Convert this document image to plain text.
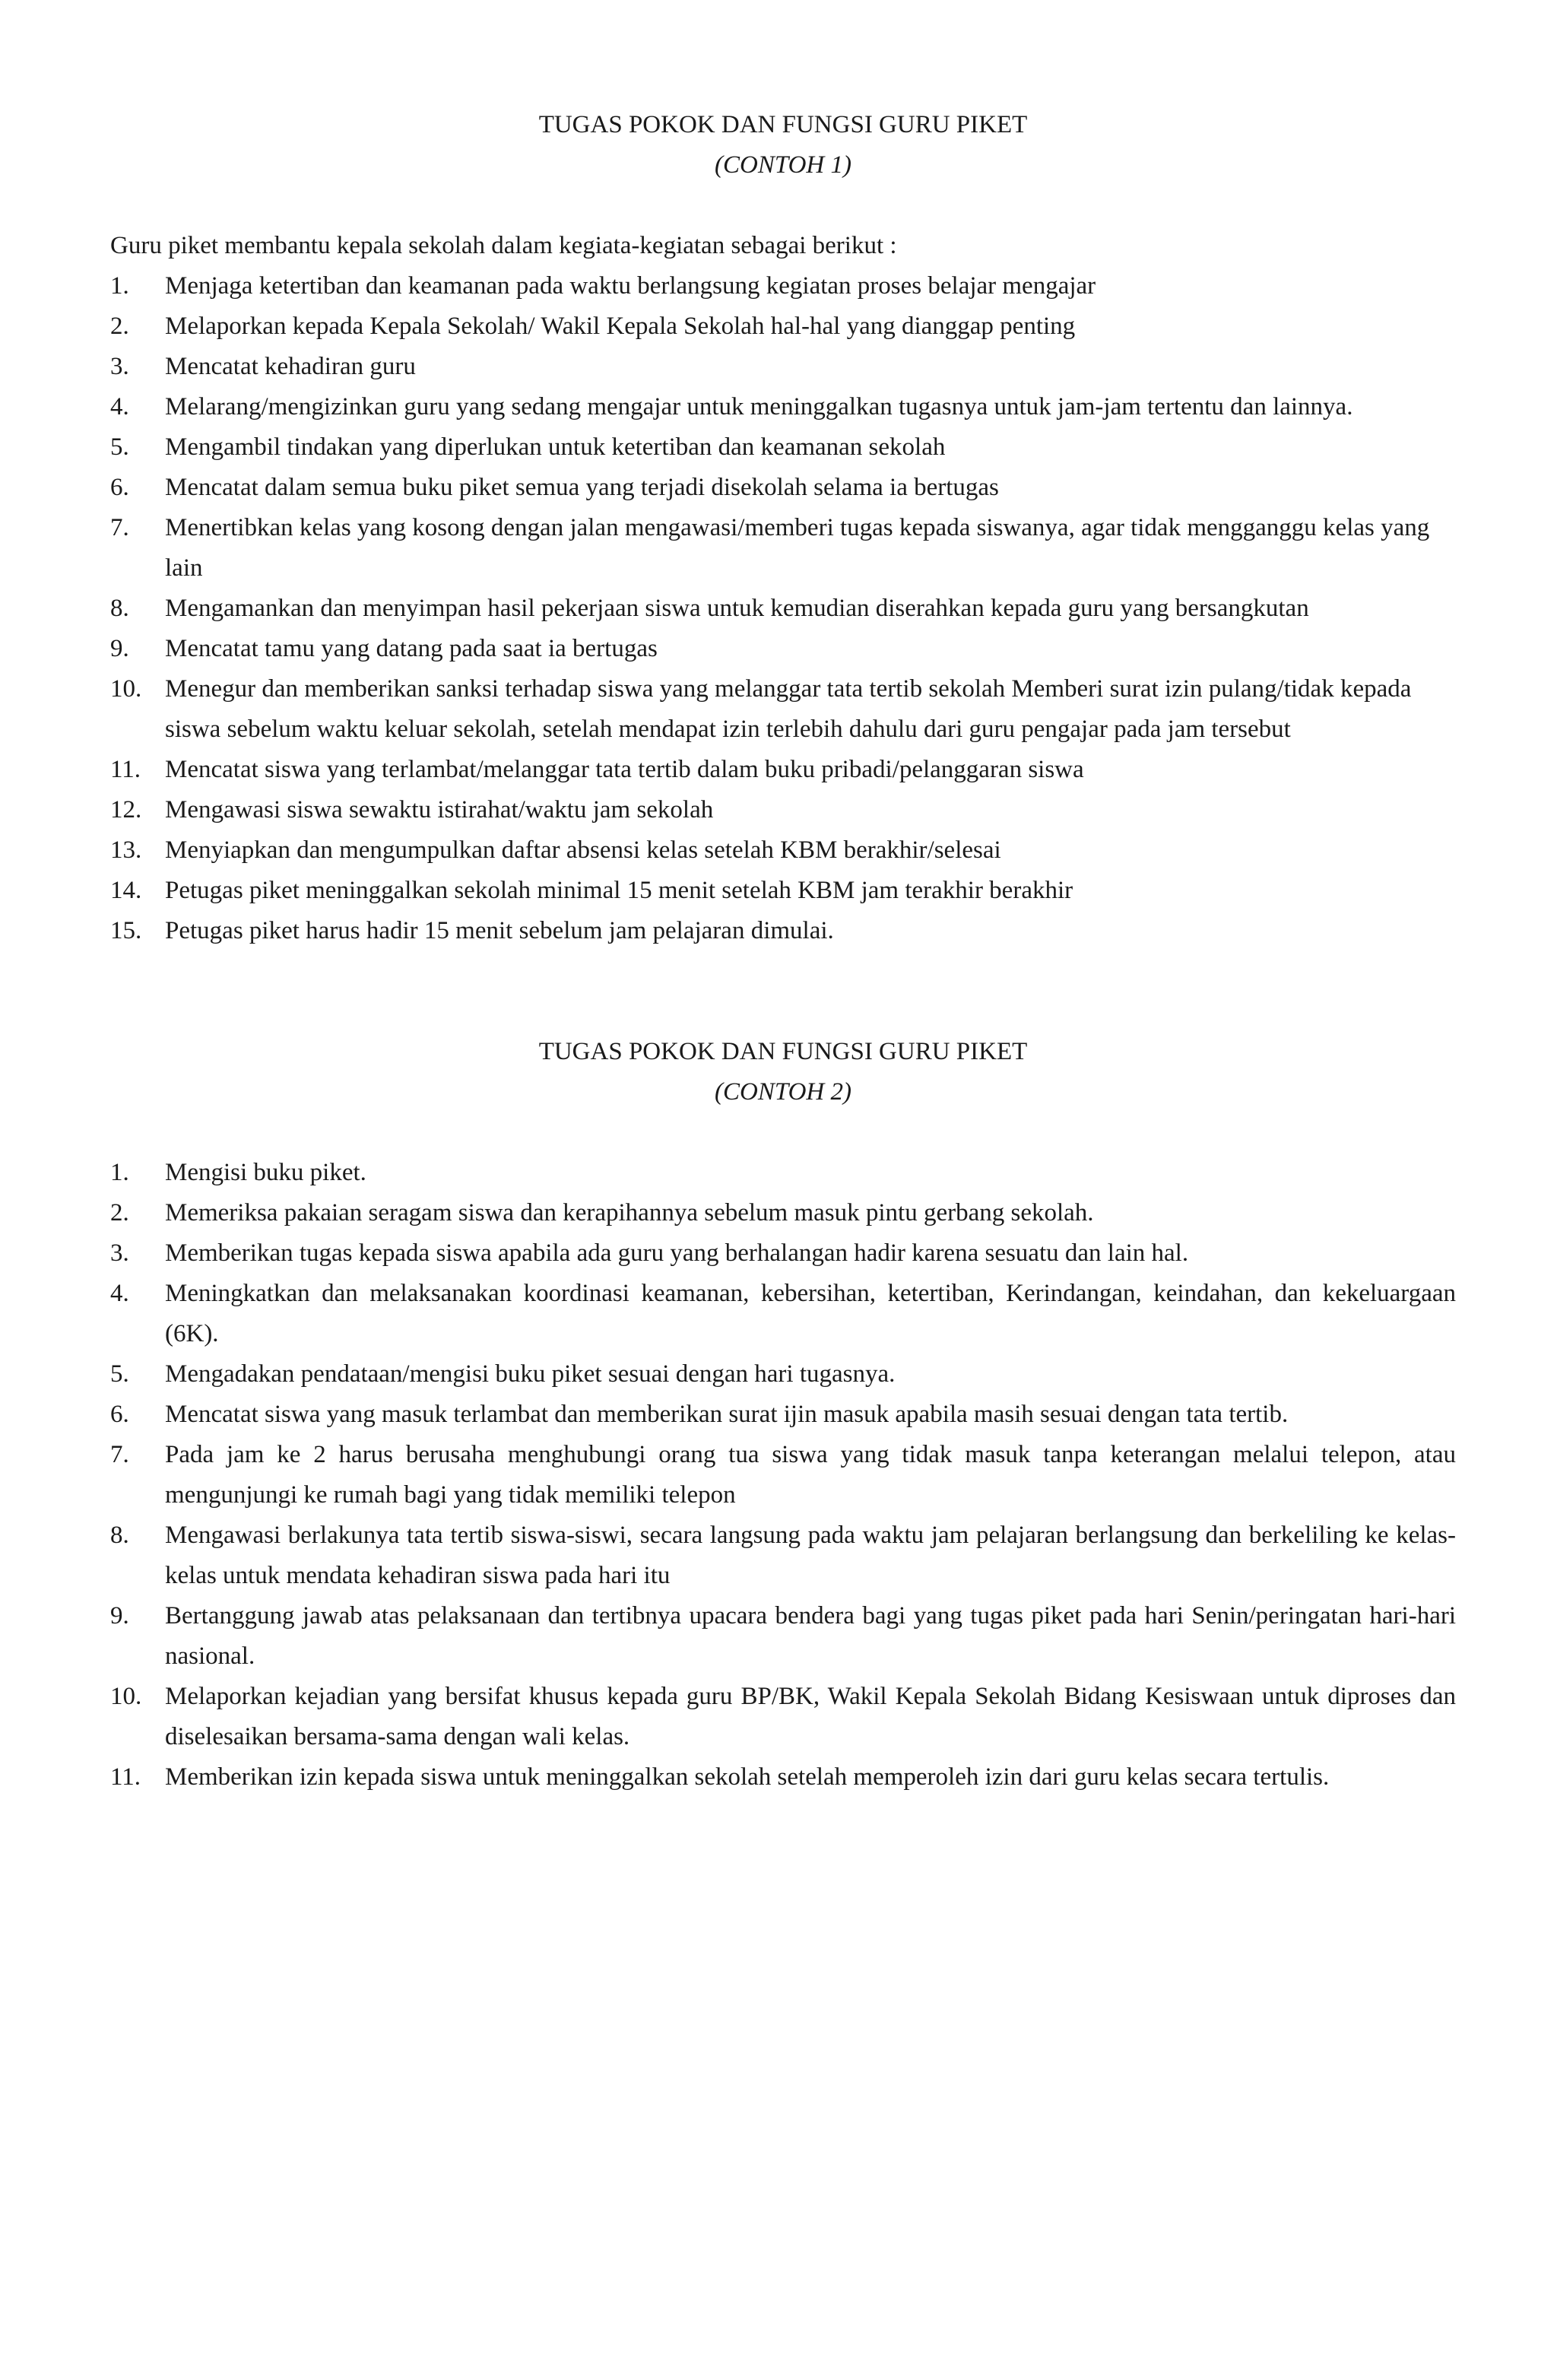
TUGAS POKOK DAN FUNGSI GURU PIKET

(CONTOH 1)

Guru piket membantu kepala sekolah dalam kegiata-kegiatan sebagai berikut :

1.	Menjaga ketertiban dan keamanan pada waktu berlangsung kegiatan proses belajar mengajar
2.	Melaporkan kepada Kepala Sekolah/ Wakil Kepala Sekolah hal-hal yang dianggap penting
3.	Mencatat kehadiran guru
4.	Melarang/mengizinkan guru yang sedang mengajar untuk meninggalkan tugasnya untuk jam-jam tertentu dan lainnya.
5.	Mengambil tindakan yang diperlukan untuk ketertiban dan keamanan sekolah
6.	Mencatat dalam semua buku piket semua yang terjadi disekolah selama ia bertugas
7.	Menertibkan kelas yang kosong dengan jalan mengawasi/memberi tugas kepada siswanya, agar tidak mengganggu kelas yang lain
8.	Mengamankan dan menyimpan hasil pekerjaan siswa untuk kemudian diserahkan kepada guru yang bersangkutan
9.	Mencatat tamu yang datang pada saat ia bertugas
10. Menegur dan memberikan sanksi terhadap siswa yang melanggar tata tertib sekolah Memberi surat izin pulang/tidak kepada siswa sebelum waktu keluar sekolah, setelah mendapat izin terlebih dahulu dari guru pengajar pada jam tersebut
11. Mencatat siswa yang terlambat/melanggar tata tertib dalam buku pribadi/pelanggaran siswa
12. Mengawasi siswa sewaktu istirahat/waktu jam sekolah
13. Menyiapkan dan mengumpulkan daftar absensi kelas setelah KBM berakhir/selesai
14. Petugas piket meninggalkan sekolah minimal 15 menit setelah KBM jam terakhir berakhir
15. Petugas piket harus hadir 15 menit sebelum jam pelajaran dimulai.
TUGAS POKOK DAN FUNGSI GURU PIKET

(CONTOH 2)

1.	Mengisi buku piket.
2.	Memeriksa pakaian seragam siswa dan kerapihannya sebelum masuk pintu gerbang sekolah.
3.	Memberikan tugas kepada siswa apabila ada guru yang berhalangan hadir karena sesuatu dan lain hal.
4.	Meningkatkan dan melaksanakan koordinasi keamanan, kebersihan, ketertiban, Kerindangan, keindahan, dan kekeluargaan (6K).
5.	Mengadakan pendataan/mengisi buku piket sesuai dengan hari tugasnya.
6.	Mencatat siswa yang masuk terlambat dan memberikan surat ijin masuk apabila masih sesuai dengan tata tertib.
7.	Pada jam ke 2 harus berusaha menghubungi orang tua siswa yang tidak masuk tanpa keterangan melalui telepon, atau mengunjungi ke rumah bagi yang tidak memiliki telepon
8.	Mengawasi berlakunya tata tertib siswa-siswi, secara langsung pada waktu jam pelajaran berlangsung dan berkeliling ke kelas-kelas untuk mendata kehadiran siswa pada hari itu
9.	Bertanggung jawab atas pelaksanaan dan tertibnya upacara bendera bagi yang tugas piket pada hari Senin/peringatan hari-hari nasional.
10. Melaporkan kejadian yang bersifat khusus kepada guru BP/BK, Wakil Kepala Sekolah Bidang Kesiswaan untuk diproses dan diselesaikan bersama-sama dengan wali kelas.
11. Memberikan izin kepada siswa untuk meninggalkan sekolah setelah memperoleh izin dari guru kelas secara tertulis.
